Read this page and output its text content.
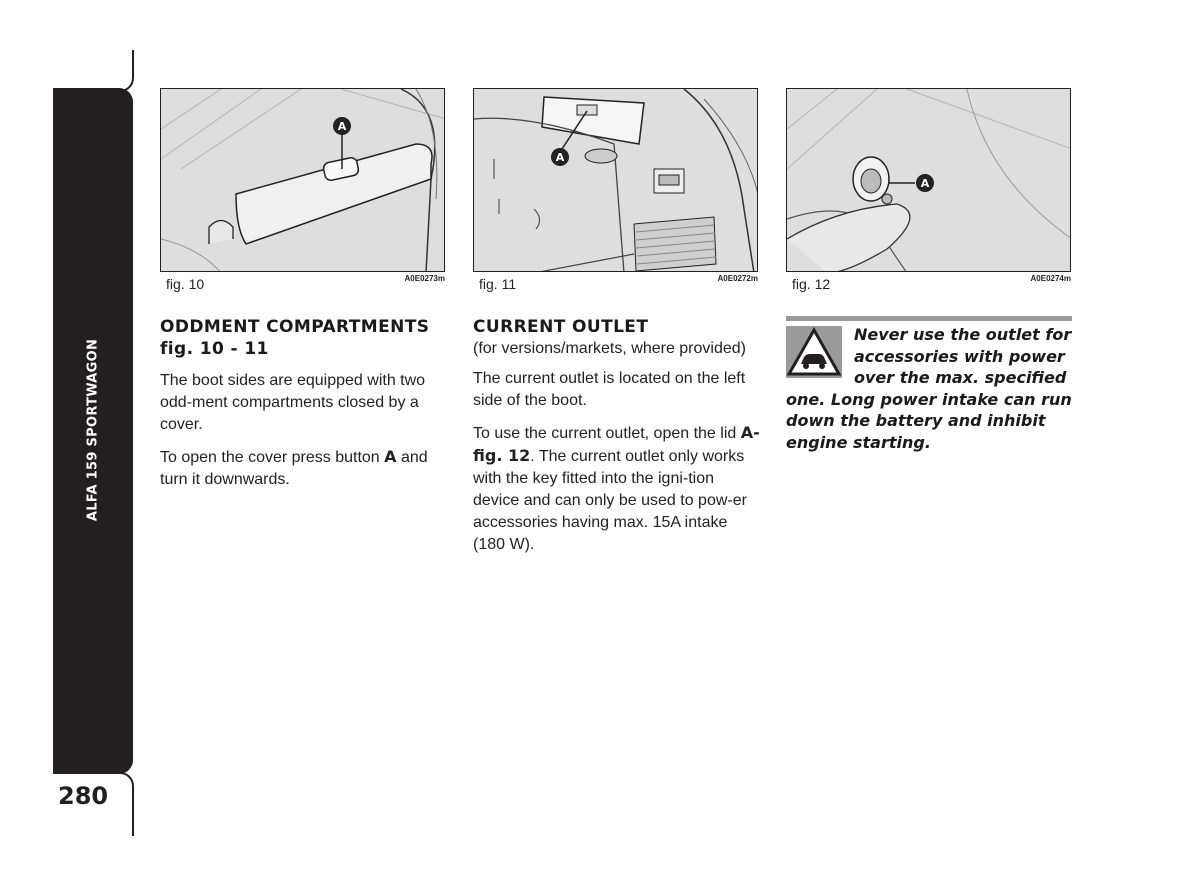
ALFA 159 SPORTWAGON
280
A
fig. 10	A0E0273m
A
fig. 11	A0E0272m
A
fig. 12	A0E0274m

ODDMENT COMPARTMENTS

fig. 10 - 11

The boot sides are equipped with two odd-ment compartments closed by a cover.

To open the cover press button A and turn it downwards.

CURRENT OUTLET

(for versions/markets, where provided)

The current outlet is located on the left side of the boot.

To use the current outlet, open the lid A-fig. 12. The current outlet only works with the key fitted into the igni-tion device and can only be used to pow-er accessories having max. 15A intake (180 W).

Never use the outlet for
accessories with power
over the max. specified
one. Long power intake can run down the battery and inhibit engine starting.
